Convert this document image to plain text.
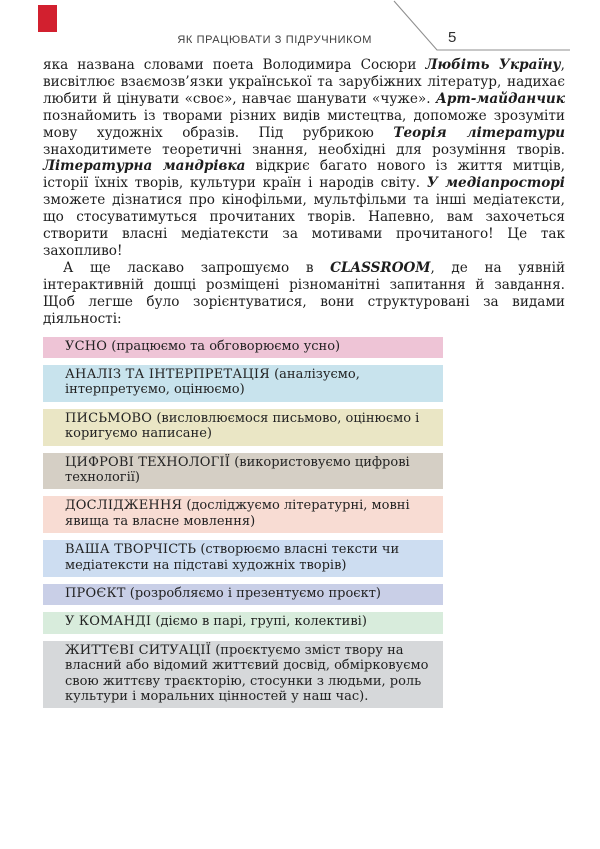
ЯК ПРАЦЮВАТИ З ПІДРУЧНИКОМ	5

яка названа словами поета Володимира Сосюри Любіть Україну, висвітлює взаємозв’язки української та зарубіжних літератур, надихає любити й цінувати «своє», навчає шанувати «чуже». Арт-майданчик познайомить із творами різних видів мистецтва, допоможе зрозуміти мову художніх образів. Під рубрикою Теорія літератури знаходитимете теоретичні знання, необхідні для розуміння творів. Літературна мандрівка відкриє багато нового із життя митців, історії їхніх творів, культури країн і народів світу. У медіапросторі зможете дізнатися про кінофільми, мультфільми та інші медіатексти, що стосуватимуться прочитаних творів. Напевно, вам захочеться створити власні медіатексти за мотивами прочитаного! Це так захопливо!

А ще ласкаво запрошуємо в CLASSROOM, де на уявній інтерактивній дошці розміщені різноманітні запитання й завдання. Щоб легше було зорієнтуватися, вони структуровані за видами діяльності:

УСНО (працюємо та обговорюємо усно)
АНАЛІЗ ТА ІНТЕРПРЕТАЦІЯ (аналізуємо, інтерпретуємо, оцінюємо)
ПИСЬМОВО (висловлюємося письмово, оцінюємо і коригуємо написане)
ЦИФРОВІ ТЕХНОЛОГІЇ (використовуємо цифрові технології)
ДОСЛІДЖЕННЯ (досліджуємо літературні, мовні явища та власне мовлення)
ВАША ТВОРЧІСТЬ (створюємо власні тексти чи медіатексти на підставі художніх творів)
ПРОЄКТ (розробляємо і презентуємо проєкт)
У КОМАНДІ (діємо в парі, групі, колективі)
ЖИТТЄВІ СИТУАЦІЇ (проєктуємо зміст твору на власний або відомий життєвий досвід, обмірковуємо свою життєву траєкторію, стосунки з людьми, роль культури і моральних цінностей у наш час).
